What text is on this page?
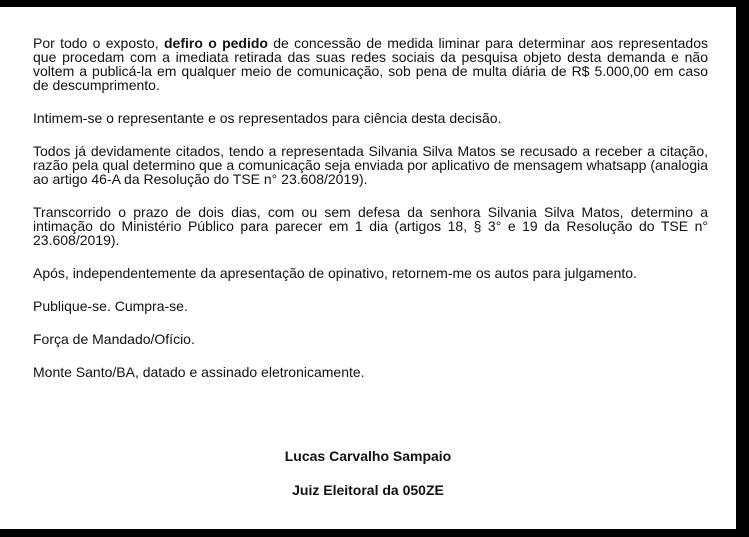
Por todo o exposto, defiro o pedido de concessão de medida liminar para determinar aos representados que procedam com a imediata retirada das suas redes sociais da pesquisa objeto desta demanda e não voltem a publicá-la em qualquer meio de comunicação, sob pena de multa diária de R$ 5.000,00 em caso de descumprimento.

Intimem-se o representante e os representados para ciência desta decisão.

Todos já devidamente citados, tendo a representada Silvania Silva Matos se recusado a receber a citação, razão pela qual determino que a comunicação seja enviada por aplicativo de mensagem whatsapp (analogia ao artigo 46-A da Resolução do TSE n° 23.608/2019).

Transcorrido o prazo de dois dias, com ou sem defesa da senhora Silvania Silva Matos, determino a intimação do Ministério Público para parecer em 1 dia (artigos 18, § 3° e 19 da Resolução do TSE n° 23.608/2019).

Após, independentemente da apresentação de opinativo, retornem-me os autos para julgamento.

Publique-se. Cumpra-se.

Força de Mandado/Ofício.

Monte Santo/BA, datado e assinado eletronicamente.

Lucas Carvalho Sampaio
Juiz Eleitoral da 050ZE
